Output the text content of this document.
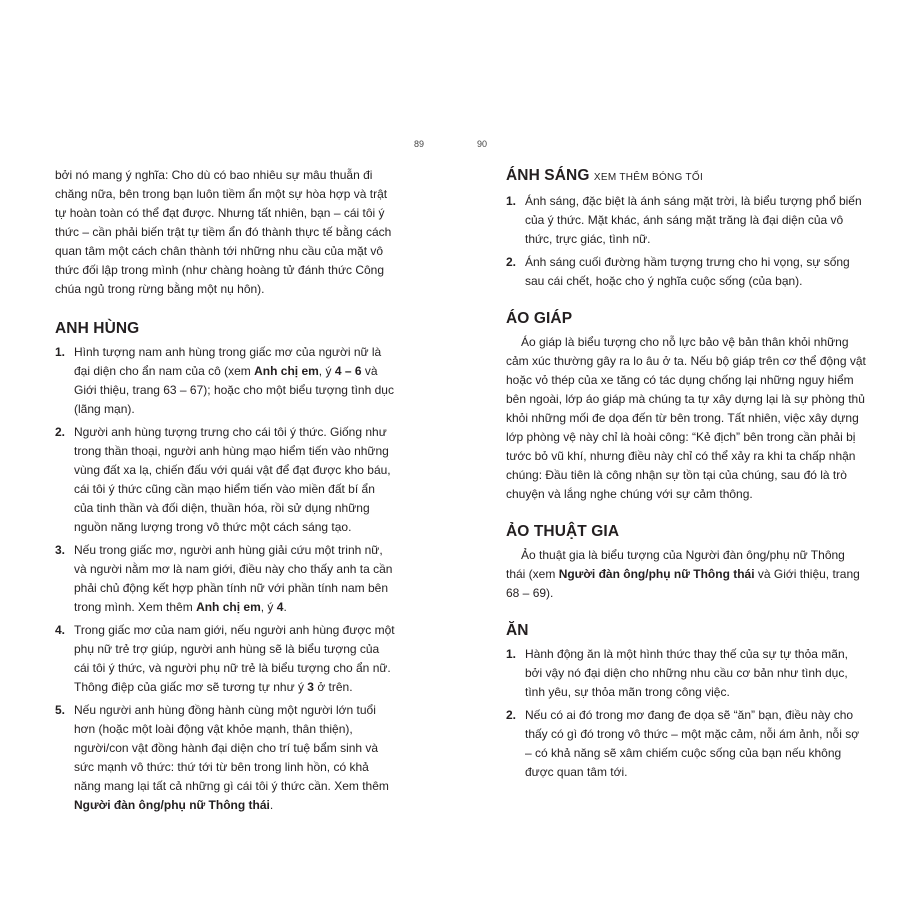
89	90

bởi nó mang ý nghĩa: Cho dù có bao nhiêu sự mâu thuẫn đi chăng nữa, bên trong bạn luôn tiềm ẩn một sự hòa hợp và trật tự hoàn toàn có thể đạt được. Nhưng tất nhiên, bạn – cái tôi ý thức – cần phải biến trật tự tiềm ẩn đó thành thực tế bằng cách quan tâm một cách chân thành tới những nhu cầu của mặt vô thức đối lập trong mình (như chàng hoàng tử đánh thức Công chúa ngủ trong rừng bằng một nụ hôn).

ANH HÙNG
1. Hình tượng nam anh hùng trong giấc mơ của người nữ là đại diện cho ẩn nam của cô (xem Anh chị em, ý 4 – 6 và Giới thiệu, trang 63 – 67); hoặc cho một biểu tượng tình dục (lãng mạn).
2. Người anh hùng tượng trưng cho cái tôi ý thức. Giống như trong thần thoại, người anh hùng mạo hiểm tiến vào những vùng đất xa lạ, chiến đấu với quái vật để đạt được kho báu, cái tôi ý thức cũng cần mạo hiểm tiến vào miền đất bí ẩn của tinh thần và đối diện, thuần hóa, rồi sử dụng những nguồn năng lượng trong vô thức một cách sáng tạo.
3. Nếu trong giấc mơ, người anh hùng giải cứu một trinh nữ, và người nằm mơ là nam giới, điều này cho thấy anh ta cần phải chủ động kết hợp phần tính nữ với phần tính nam bên trong mình. Xem thêm Anh chị em, ý 4.
4. Trong giấc mơ của nam giới, nếu người anh hùng được một phụ nữ trẻ trợ giúp, người anh hùng sẽ là biểu tượng của cái tôi ý thức, và người phụ nữ trẻ là biểu tượng cho ẩn nữ. Thông điệp của giấc mơ sẽ tương tự như ý 3 ở trên.
5. Nếu người anh hùng đồng hành cùng một người lớn tuổi hơn (hoặc một loài động vật khỏe mạnh, thân thiện), người/con vật đồng hành đại diện cho trí tuệ bẩm sinh và sức mạnh vô thức: thứ tới từ bên trong linh hồn, có khả năng mang lại tất cả những gì cái tôi ý thức cần. Xem thêm Người đàn ông/phụ nữ Thông thái.
ÁNH SÁNG XEM THÊM BÓNG TỐI
1. Ánh sáng, đặc biệt là ánh sáng mặt trời, là biểu tượng phổ biến của ý thức. Mặt khác, ánh sáng mặt trăng là đại diện của vô thức, trực giác, tình nữ.
2. Ánh sáng cuối đường hầm tượng trưng cho hi vọng, sự sống sau cái chết, hoặc cho ý nghĩa cuộc sống (của bạn).
ÁO GIÁP

Áo giáp là biểu tượng cho nỗ lực bảo vệ bản thân khỏi những cảm xúc thường gây ra lo âu ở ta. Nếu bộ giáp trên cơ thể động vật hoặc vỏ thép của xe tăng có tác dụng chống lại những nguy hiểm bên ngoài, lớp áo giáp mà chúng ta tự xây dựng lại là sự phòng thủ khỏi những mối đe dọa đến từ bên trong. Tất nhiên, việc xây dựng lớp phòng vệ này chỉ là hoài công: “Kẻ địch” bên trong cần phải bị tước bỏ vũ khí, nhưng điều này chỉ có thể xảy ra khi ta chấp nhận chúng: Đầu tiên là công nhận sự tồn tại của chúng, sau đó là trò chuyện và lắng nghe chúng với sự cảm thông.

ẢO THUẬT GIA

Ảo thuật gia là biểu tượng của Người đàn ông/phụ nữ Thông thái (xem Người đàn ông/phụ nữ Thông thái và Giới thiệu, trang 68 – 69).

ĂN
1. Hành động ăn là một hình thức thay thế của sự tự thỏa mãn, bởi vậy nó đại diện cho những nhu cầu cơ bản như tình dục, tình yêu, sự thỏa mãn trong công việc.
2. Nếu có ai đó trong mơ đang đe dọa sẽ “ăn” bạn, điều này cho thấy có gì đó trong vô thức – một mặc cảm, nỗi ám ảnh, nỗi sợ – có khả năng sẽ xâm chiếm cuộc sống của bạn nếu không được quan tâm tới.
